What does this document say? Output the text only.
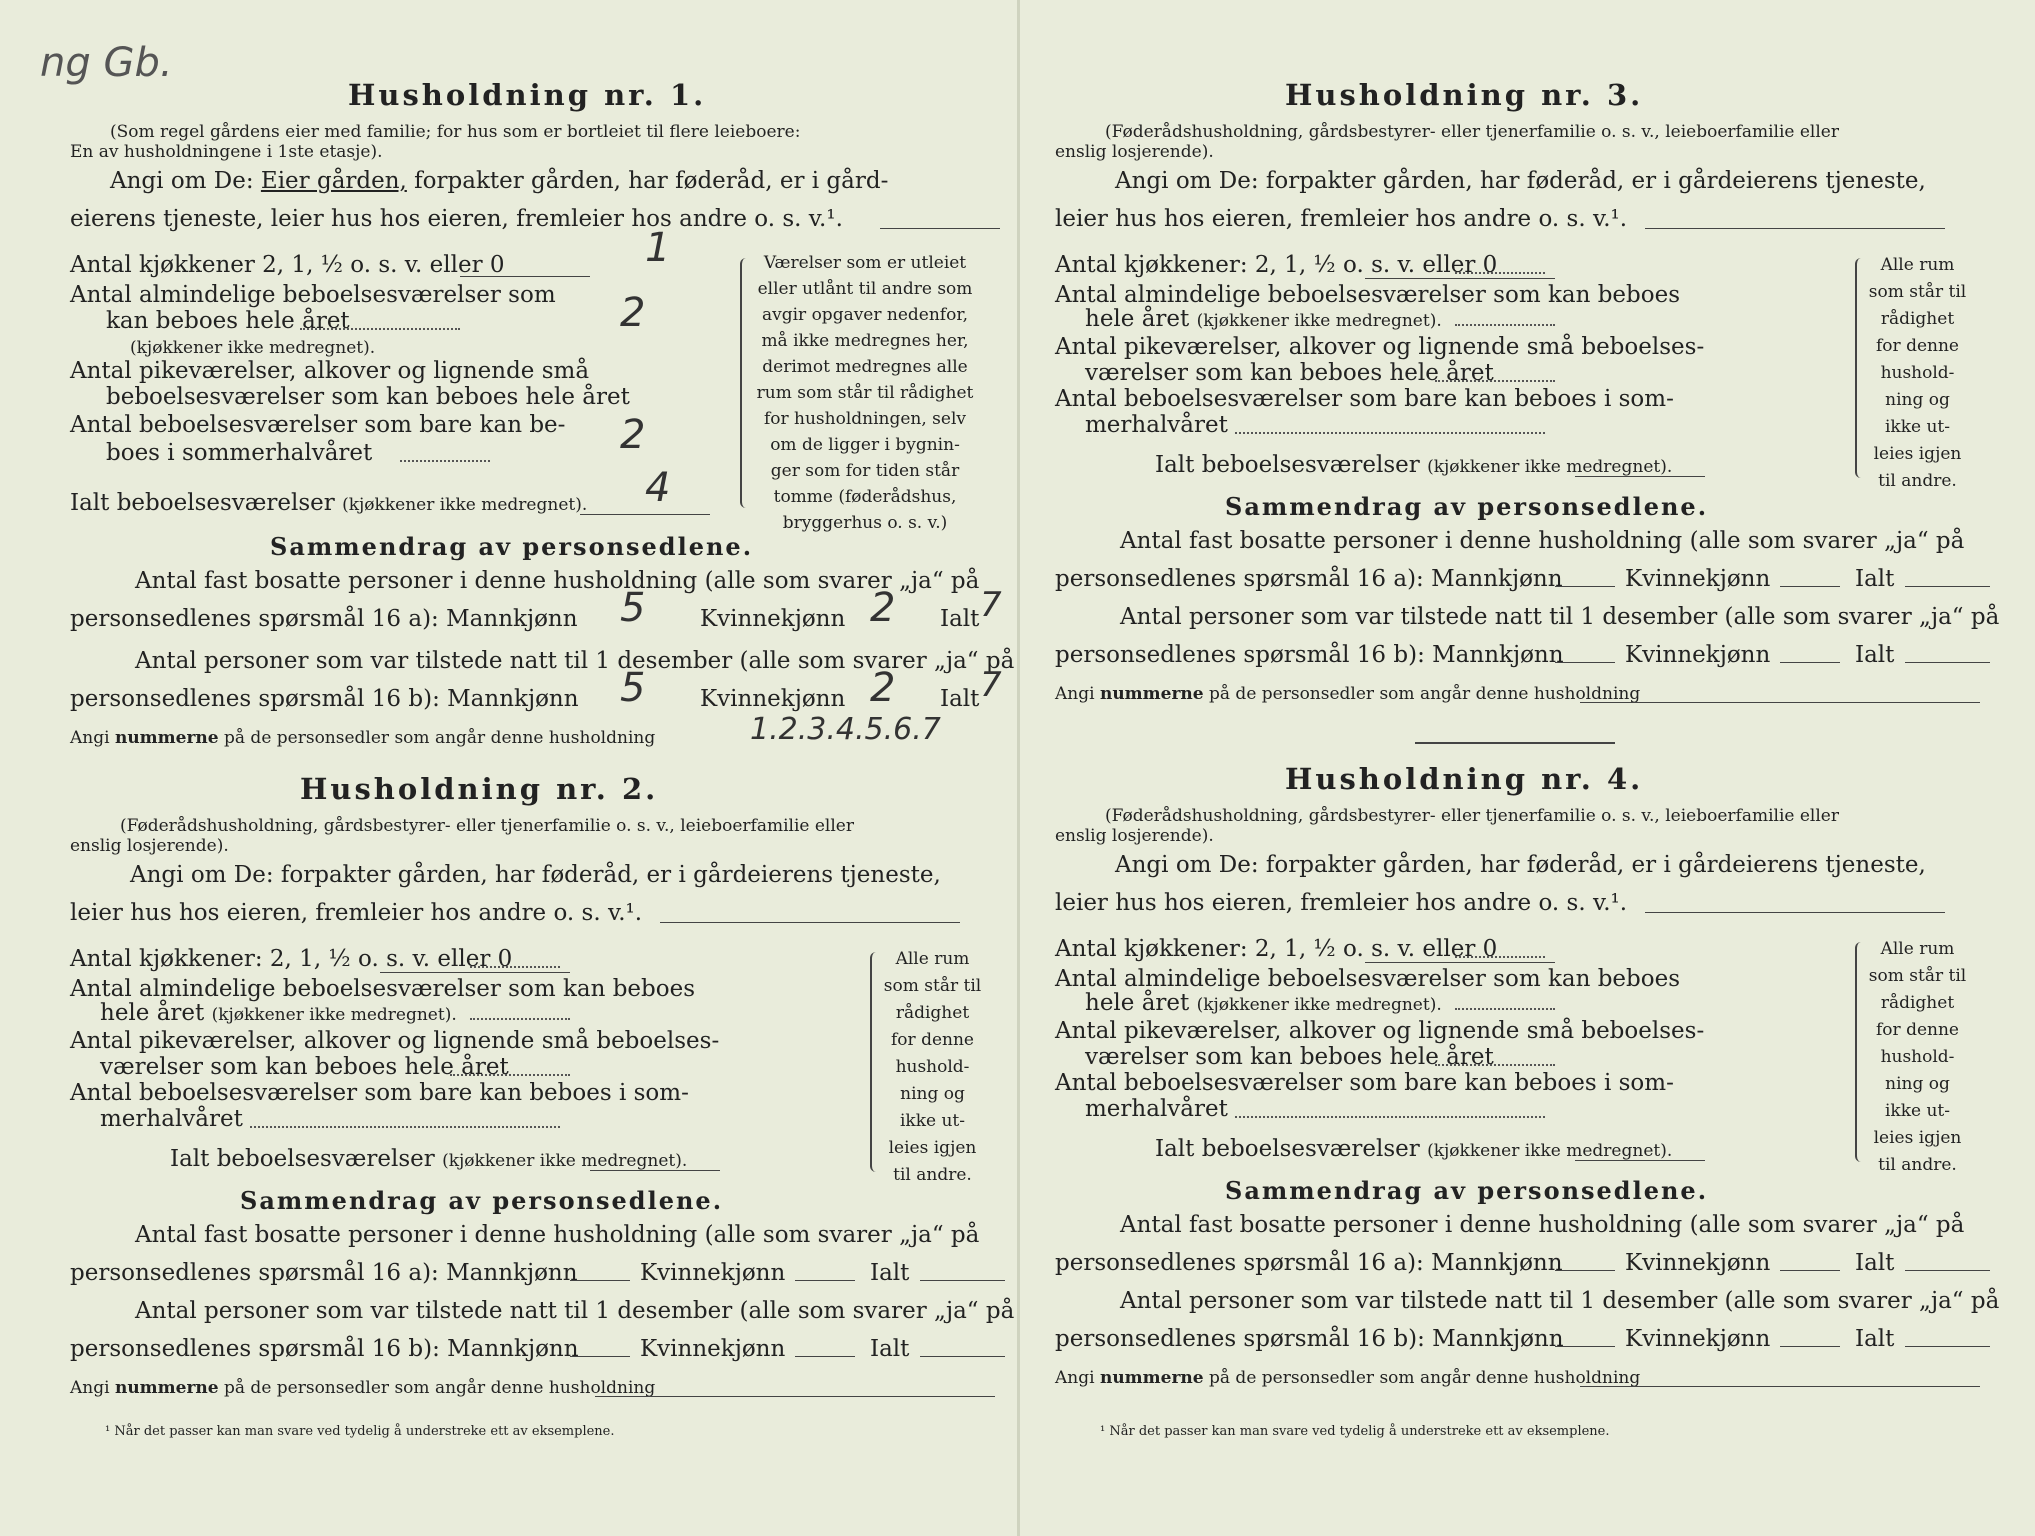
ng Gb.
Husholdning nr. 1.
(Som regel gårdens eier med familie; for hus som er bortleiet til flere leieboere:
En av husholdningene i 1ste etasje).
Angi om De: Eier gården, forpakter gården, har føderåd, er i gård-
eierens tjeneste, leier hus hos eieren, fremleier hos andre o. s. v.¹.
Antal kjøkkener 2, 1, ½ o. s. v. eller 0	1
Antal almindelige beboelsesværelser som
kan beboes hele året	2
(kjøkkener ikke medregnet).
Antal pikeværelser, alkover og lignende små
beboelsesværelser som kan beboes hele året
Antal beboelsesværelser som bare kan be-
boes i sommerhalvåret	2
Ialt beboelsesværelser (kjøkkener ikke medregnet). 4
Værelser som er utleiet
eller utlånt til andre som
avgir opgaver nedenfor,
må ikke medregnes her,
derimot medregnes alle
rum som står til rådighet
for husholdningen, selv
om de ligger i bygnin-
ger som for tiden står
tomme (føderådshus,
bryggerhus o. s. v.)
Sammendrag av personsedlene.
Antal fast bosatte personer i denne husholdning (alle som svarer „ja“ på
personsedlenes spørsmål 16 a): Mannkjønn 5 Kvinnekjønn 2 Ialt 7
Antal personer som var tilstede natt til 1 desember (alle som svarer „ja“ på
personsedlenes spørsmål 16 b): Mannkjønn 5 Kvinnekjønn 2 Ialt 7
Angi nummerne på de personsedler som angår denne husholdning	1.2.3.4.5.6.7
Husholdning nr. 2.
(Føderådshusholdning, gårdsbestyrer- eller tjenerfamilie o. s. v., leieboerfamilie eller
enslig losjerende).
Angi om De: forpakter gården, har føderåd, er i gårdeierens tjeneste,
leier hus hos eieren, fremleier hos andre o. s. v.¹.
Antal kjøkkener: 2, 1, ½ o. s. v. eller 0
Antal almindelige beboelsesværelser som kan beboes
hele året (kjøkkener ikke medregnet).
Antal pikeværelser, alkover og lignende små beboelses-
værelser som kan beboes hele året
Antal beboelsesværelser som bare kan beboes i som-
merhalvåret
Ialt beboelsesværelser (kjøkkener ikke medregnet).
Alle rum
som står til
rådighet
for denne
hushold-
ning og
ikke ut-
leies igjen
til andre.
Sammendrag av personsedlene.
Antal fast bosatte personer i denne husholdning (alle som svarer „ja“ på
personsedlenes spørsmål 16 a): Mannkjønn	Kvinnekjønn	Ialt
Antal personer som var tilstede natt til 1 desember (alle som svarer „ja“ på
personsedlenes spørsmål 16 b): Mannkjønn	Kvinnekjønn	Ialt
Angi nummerne på de personsedler som angår denne husholdning
¹ Når det passer kan man svare ved tydelig å understreke ett av eksemplene.
Husholdning nr. 3.
(Føderådshusholdning, gårdsbestyrer- eller tjenerfamilie o. s. v., leieboerfamilie eller
enslig losjerende).
Angi om De: forpakter gården, har føderåd, er i gårdeierens tjeneste,
leier hus hos eieren, fremleier hos andre o. s. v.¹.
Antal kjøkkener: 2, 1, ½ o. s. v. eller 0
Antal almindelige beboelsesværelser som kan beboes
hele året (kjøkkener ikke medregnet).
Antal pikeværelser, alkover og lignende små beboelses-
værelser som kan beboes hele året
Antal beboelsesværelser som bare kan beboes i som-
merhalvåret
Ialt beboelsesværelser (kjøkkener ikke medregnet).
Alle rum
som står til
rådighet
for denne
hushold-
ning og
ikke ut-
leies igjen
til andre.
Sammendrag av personsedlene.
Antal fast bosatte personer i denne husholdning (alle som svarer „ja“ på
personsedlenes spørsmål 16 a): Mannkjønn	Kvinnekjønn	Ialt
Antal personer som var tilstede natt til 1 desember (alle som svarer „ja“ på
personsedlenes spørsmål 16 b): Mannkjønn	Kvinnekjønn	Ialt
Angi nummerne på de personsedler som angår denne husholdning
Husholdning nr. 4.
(Føderådshusholdning, gårdsbestyrer- eller tjenerfamilie o. s. v., leieboerfamilie eller
enslig losjerende).
Angi om De: forpakter gården, har føderåd, er i gårdeierens tjeneste,
leier hus hos eieren, fremleier hos andre o. s. v.¹.
Antal kjøkkener: 2, 1, ½ o. s. v. eller 0
Antal almindelige beboelsesværelser som kan beboes
hele året (kjøkkener ikke medregnet).
Antal pikeværelser, alkover og lignende små beboelses-
værelser som kan beboes hele året
Antal beboelsesværelser som bare kan beboes i som-
merhalvåret
Ialt beboelsesværelser (kjøkkener ikke medregnet).
Alle rum
som står til
rådighet
for denne
hushold-
ning og
ikke ut-
leies igjen
til andre.
Sammendrag av personsedlene.
Antal fast bosatte personer i denne husholdning (alle som svarer „ja“ på
personsedlenes spørsmål 16 a): Mannkjønn	Kvinnekjønn	Ialt
Antal personer som var tilstede natt til 1 desember (alle som svarer „ja“ på
personsedlenes spørsmål 16 b): Mannkjønn	Kvinnekjønn	Ialt
Angi nummerne på de personsedler som angår denne husholdning
¹ Når det passer kan man svare ved tydelig å understreke ett av eksemplene.
